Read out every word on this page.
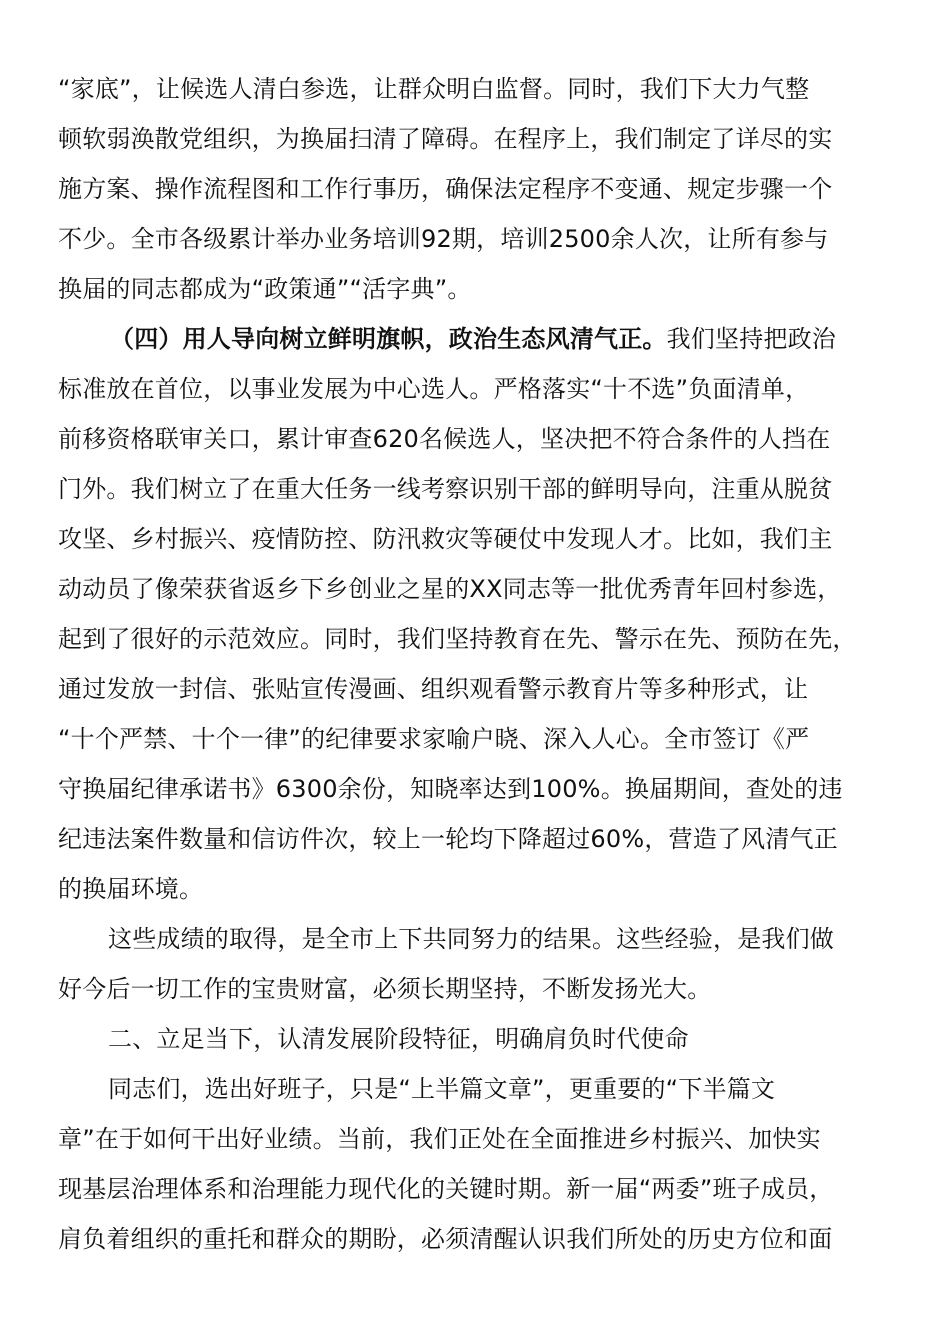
“家底”，让候选人清白参选，让群众明白监督。同时，我们下大力气整
顿软弱涣散党组织，为换届扫清了障碍。在程序上，我们制定了详尽的实
施方案、操作流程图和工作行事历，确保法定程序不变通、规定步骤一个
不少。全市各级累计举办业务培训92期，培训2500余人次，让所有参与
换届的同志都成为“政策通”“活字典”。
（四）用人导向树立鲜明旗帜，政治生态风清气正。我们坚持把政治
标准放在首位，以事业发展为中心选人。严格落实“十不选”负面清单，
前移资格联审关口，累计审查620名候选人，坚决把不符合条件的人挡在
门外。我们树立了在重大任务一线考察识别干部的鲜明导向，注重从脱贫
攻坚、乡村振兴、疫情防控、防汛救灾等硬仗中发现人才。比如，我们主
动动员了像荣获省返乡下乡创业之星的XX同志等一批优秀青年回村参选，
起到了很好的示范效应。同时，我们坚持教育在先、警示在先、预防在先，
通过发放一封信、张贴宣传漫画、组织观看警示教育片等多种形式，让
“十个严禁、十个一律”的纪律要求家喻户晓、深入人心。全市签订《严
守换届纪律承诺书》6300余份，知晓率达到100%。换届期间，查处的违
纪违法案件数量和信访件次，较上一轮均下降超过60%，营造了风清气正
的换届环境。
这些成绩的取得，是全市上下共同努力的结果。这些经验，是我们做
好今后一切工作的宝贵财富，必须长期坚持，不断发扬光大。
二、立足当下，认清发展阶段特征，明确肩负时代使命
同志们，选出好班子，只是“上半篇文章”，更重要的“下半篇文
章”在于如何干出好业绩。当前，我们正处在全面推进乡村振兴、加快实
现基层治理体系和治理能力现代化的关键时期。新一届“两委”班子成员，
肩负着组织的重托和群众的期盼，必须清醒认识我们所处的历史方位和面
